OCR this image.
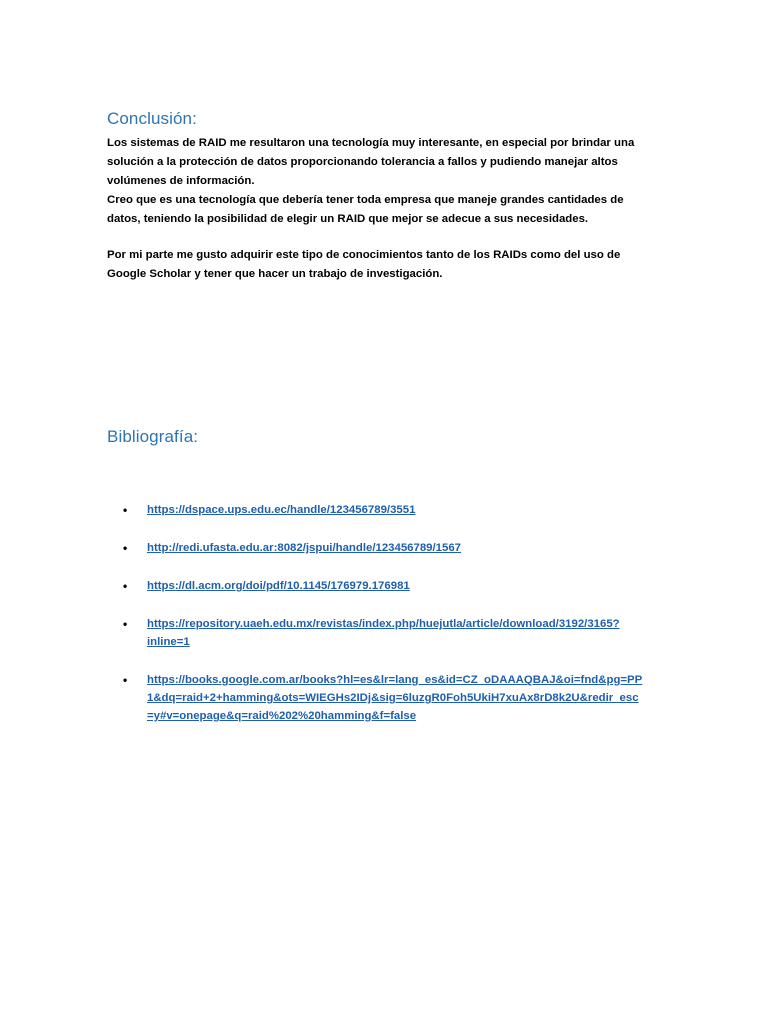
Conclusión:

Los sistemas de RAID me resultaron una tecnología muy interesante, en especial por brindar una

solución a la protección de datos proporcionando tolerancia a fallos y pudiendo manejar altos

volúmenes de información.

Creo que es una tecnología que debería tener toda empresa que maneje grandes cantidades de

datos, teniendo la posibilidad de elegir un RAID que mejor se adecue a sus necesidades.

Por mi parte me gusto adquirir este tipo de conocimientos tanto de los RAIDs como del uso de

Google Scholar y tener que hacer un trabajo de investigación.

Bibliografía:
• https://dspace.ups.edu.ec/handle/123456789/3551
• http://redi.ufasta.edu.ar:8082/jspui/handle/123456789/1567
• https://dl.acm.org/doi/pdf/10.1145/176979.176981
• https://repository.uaeh.edu.mx/revistas/index.php/huejutla/article/download/3192/3165?
inline=1
• https://books.google.com.ar/books?hl=es&lr=lang_es&id=CZ_oDAAAQBAJ&oi=fnd&pg=PP
1&dq=raid+2+hamming&ots=WIEGHs2IDj&sig=6luzgR0Foh5UkiH7xuAx8rD8k2U&redir_esc
=y#v=onepage&q=raid%202%20hamming&f=false
